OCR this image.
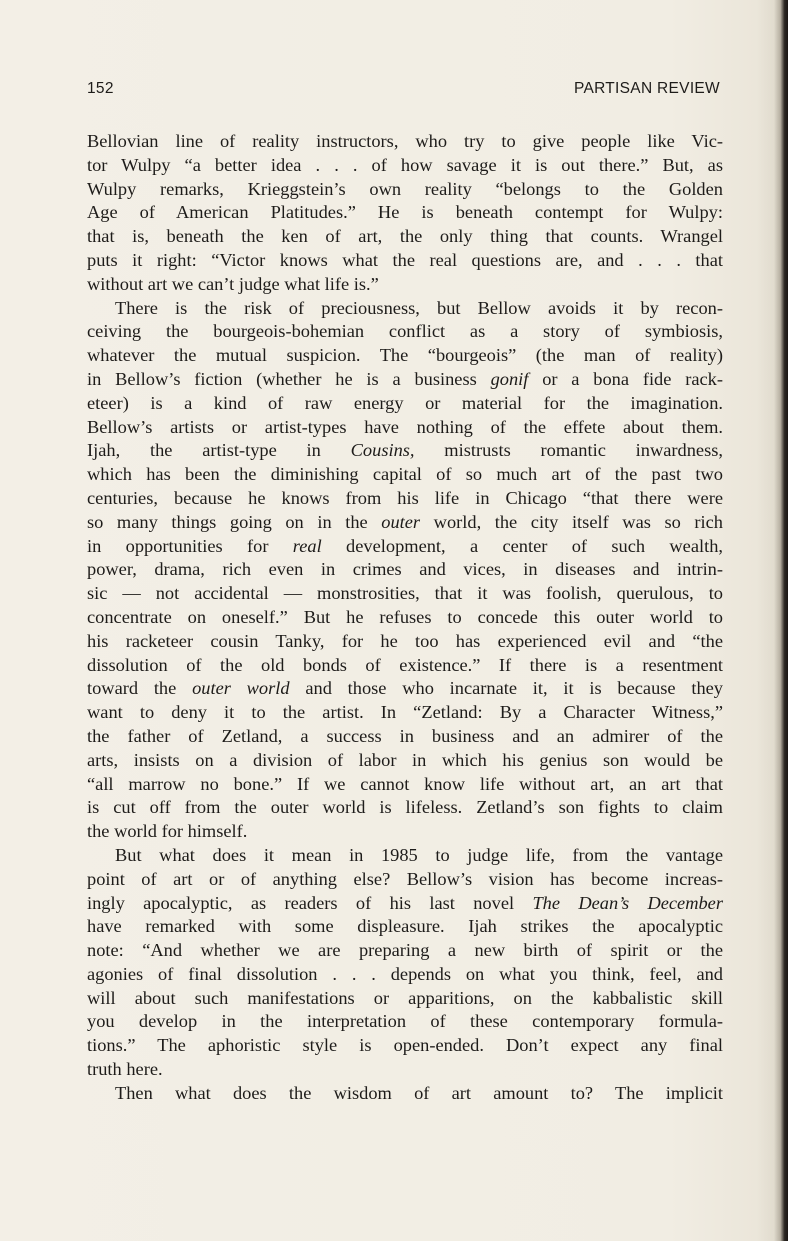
152	PARTISAN REVIEW
Bellovian line of reality instructors, who try to give people like Vic-
tor Wulpy “a better idea . . . of how savage it is out there.” But, as
Wulpy remarks, Krieggstein’s own reality “belongs to the Golden
Age of American Platitudes.” He is beneath contempt for Wulpy:
that is, beneath the ken of art, the only thing that counts. Wrangel
puts it right: “Victor knows what the real questions are, and . . . that
without art we can’t judge what life is.”
There is the risk of preciousness, but Bellow avoids it by recon-
ceiving the bourgeois-bohemian conflict as a story of symbiosis,
whatever the mutual suspicion. The “bourgeois” (the man of reality)
in Bellow’s fiction (whether he is a business gonif or a bona fide rack-
eteer) is a kind of raw energy or material for the imagination.
Bellow’s artists or artist-types have nothing of the effete about them.
Ijah, the artist-type in Cousins, mistrusts romantic inwardness,
which has been the diminishing capital of so much art of the past two
centuries, because he knows from his life in Chicago “that there were
so many things going on in the outer world, the city itself was so rich
in opportunities for real development, a center of such wealth,
power, drama, rich even in crimes and vices, in diseases and intrin-
sic — not accidental — monstrosities, that it was foolish, querulous, to
concentrate on oneself.” But he refuses to concede this outer world to
his racketeer cousin Tanky, for he too has experienced evil and “the
dissolution of the old bonds of existence.” If there is a resentment
toward the outer world and those who incarnate it, it is because they
want to deny it to the artist. In “Zetland: By a Character Witness,”
the father of Zetland, a success in business and an admirer of the
arts, insists on a division of labor in which his genius son would be
“all marrow no bone.” If we cannot know life without art, an art that
is cut off from the outer world is lifeless. Zetland’s son fights to claim
the world for himself.
But what does it mean in 1985 to judge life, from the vantage
point of art or of anything else? Bellow’s vision has become increas-
ingly apocalyptic, as readers of his last novel The Dean’s December
have remarked with some displeasure. Ijah strikes the apocalyptic
note: “And whether we are preparing a new birth of spirit or the
agonies of final dissolution . . . depends on what you think, feel, and
will about such manifestations or apparitions, on the kabbalistic skill
you develop in the interpretation of these contemporary formula-
tions.” The aphoristic style is open-ended. Don’t expect any final
truth here.
Then what does the wisdom of art amount to? The implicit
